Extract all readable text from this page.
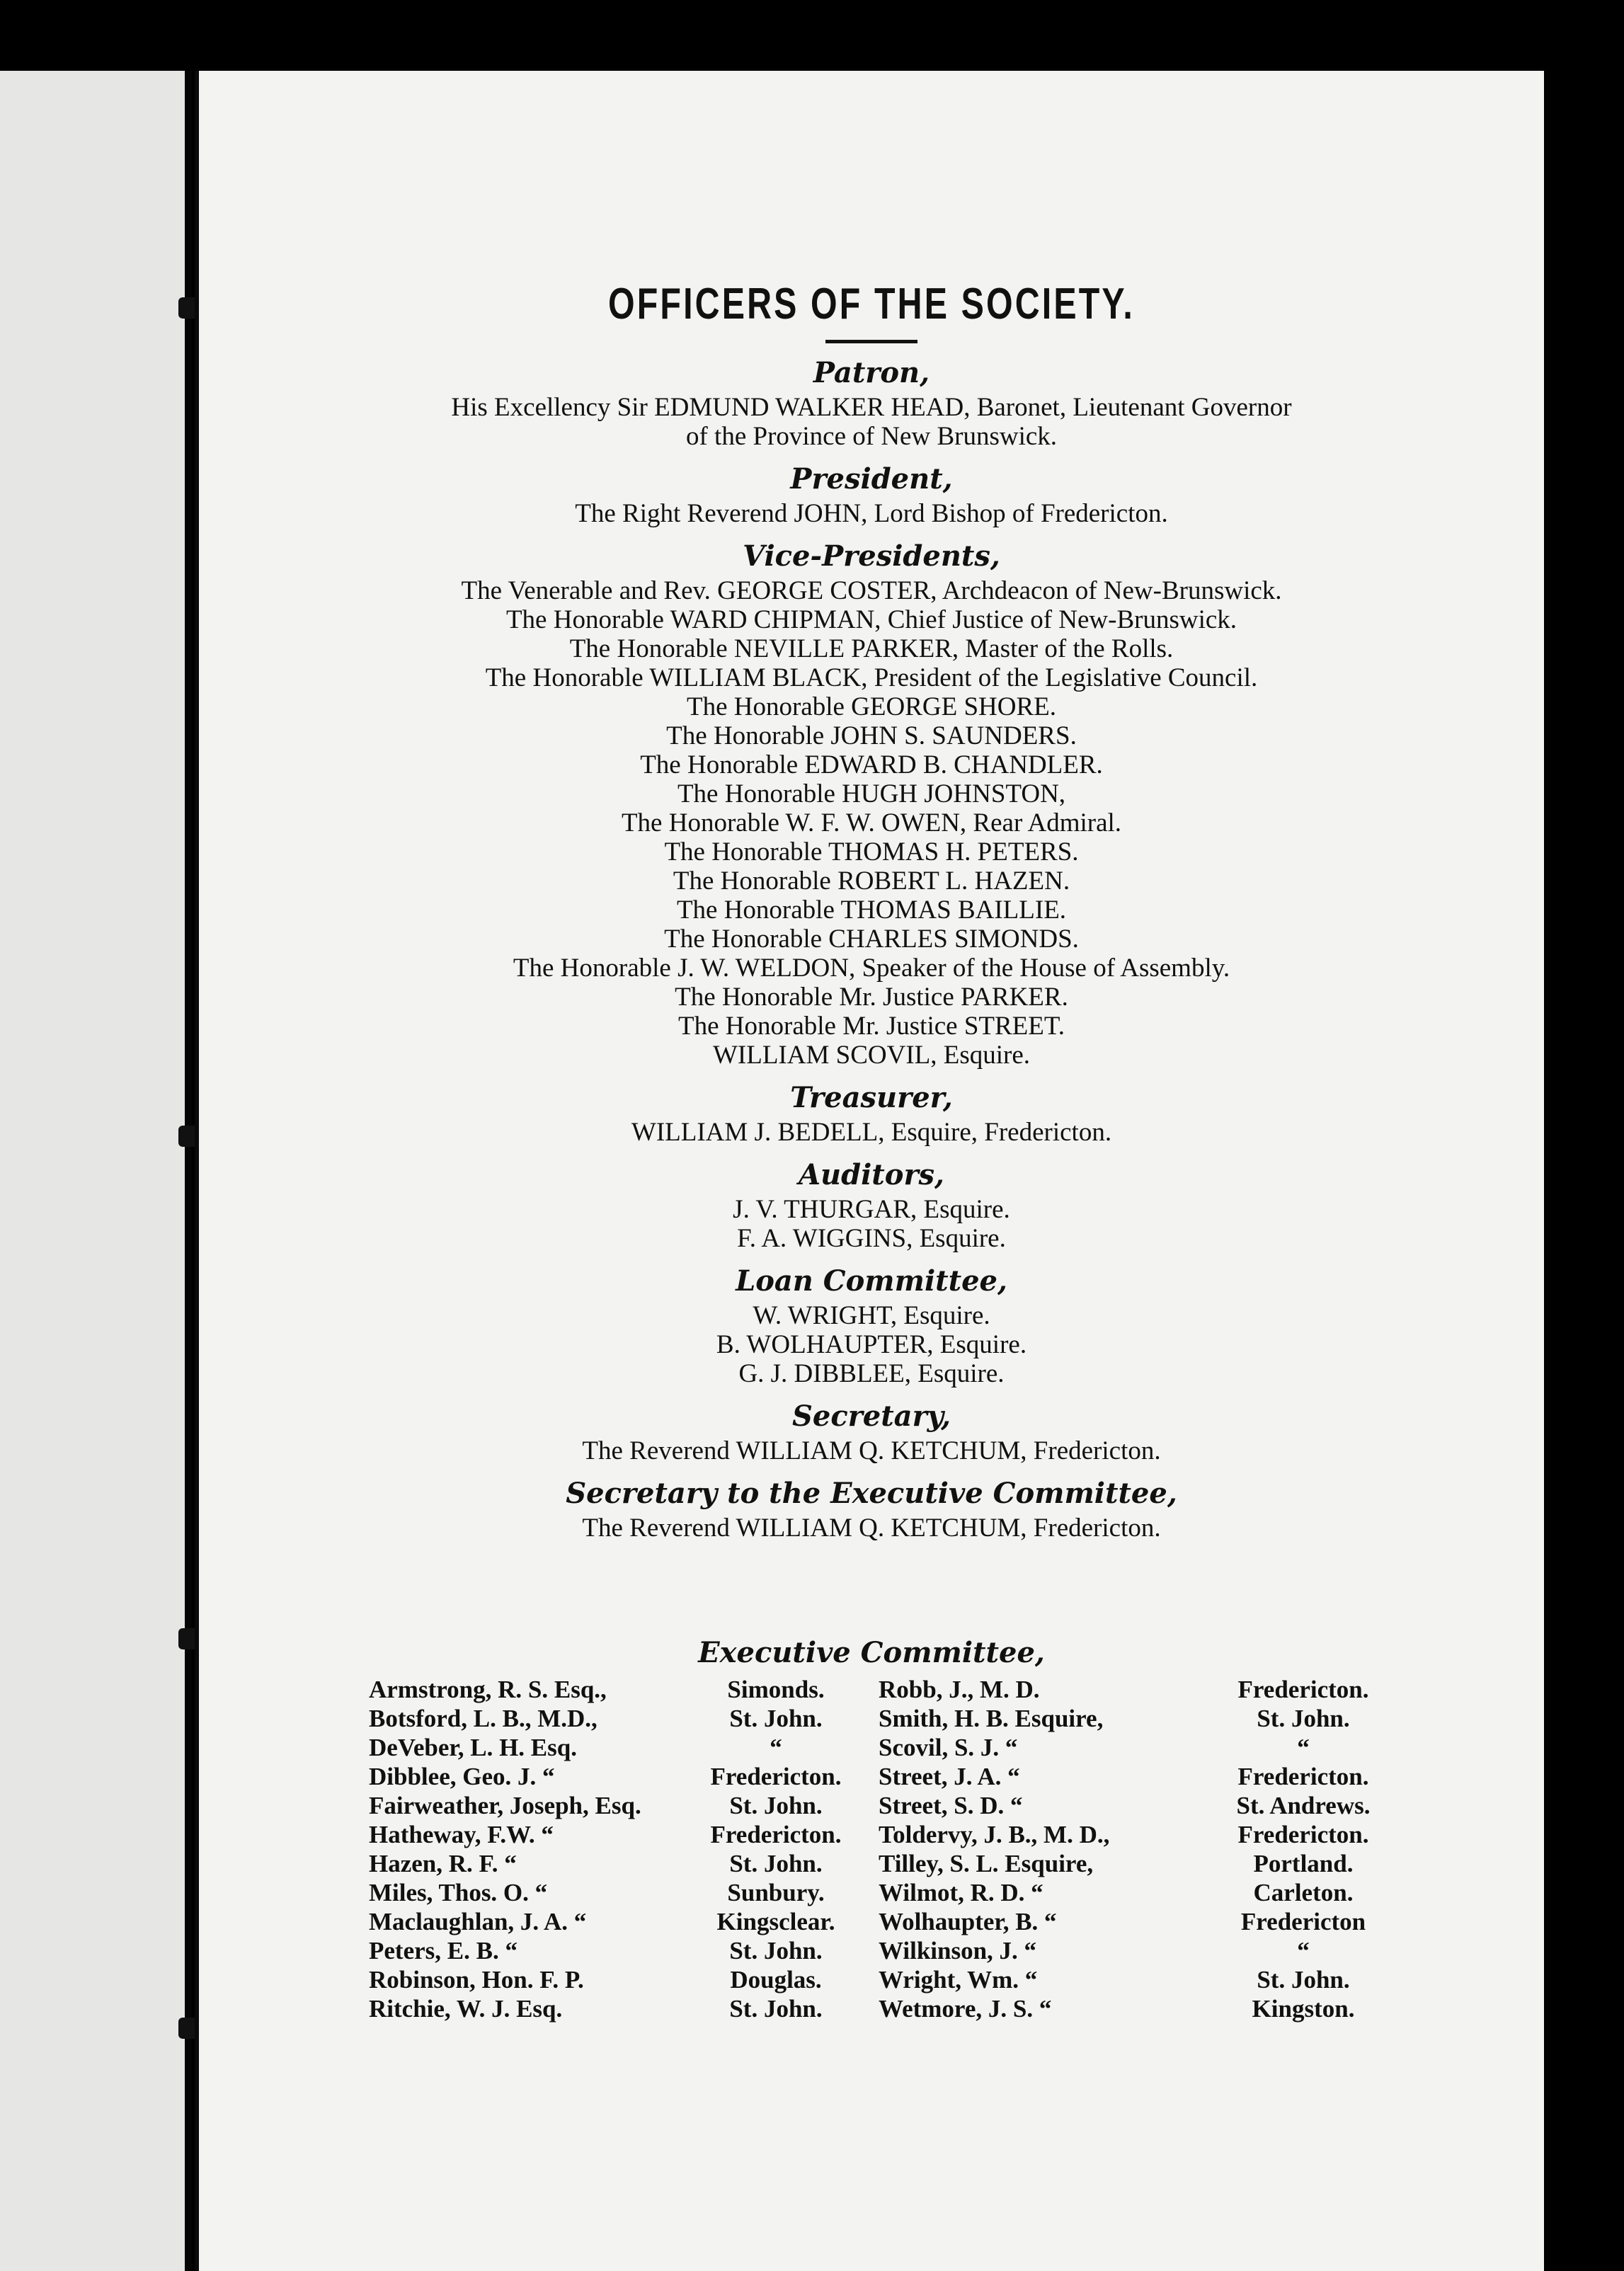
OFFICERS OF THE SOCIETY.
Patron,
His Excellency Sir EDMUND WALKER HEAD, Baronet, Lieutenant Governor
of the Province of New Brunswick.
President,
The Right Reverend JOHN, Lord Bishop of Fredericton.
Vice-Presidents,
The Venerable and Rev. GEORGE COSTER, Archdeacon of New-Brunswick.
The Honorable WARD CHIPMAN, Chief Justice of New-Brunswick.
The Honorable NEVILLE PARKER, Master of the Rolls.
The Honorable WILLIAM BLACK, President of the Legislative Council.
The Honorable GEORGE SHORE.
The Honorable JOHN S. SAUNDERS.
The Honorable EDWARD B. CHANDLER.
The Honorable HUGH JOHNSTON,
The Honorable W. F. W. OWEN, Rear Admiral.
The Honorable THOMAS H. PETERS.
The Honorable ROBERT L. HAZEN.
The Honorable THOMAS BAILLIE.
The Honorable CHARLES SIMONDS.
The Honorable J. W. WELDON, Speaker of the House of Assembly.
The Honorable Mr. Justice PARKER.
The Honorable Mr. Justice STREET.
WILLIAM SCOVIL, Esquire.
Treasurer,
WILLIAM J. BEDELL, Esquire, Fredericton.
Auditors,
J. V. THURGAR, Esquire.
F. A. WIGGINS, Esquire.
Loan Committee,
W. WRIGHT, Esquire.
B. WOLHAUPTER, Esquire.
G. J. DIBBLEE, Esquire.
Secretary,
The Reverend WILLIAM Q. KETCHUM, Fredericton.
Secretary to the Executive Committee,
The Reverend WILLIAM Q. KETCHUM, Fredericton.
Executive Committee,
Armstrong, R. S. Esq.,	Simonds.	Robb, J., M. D.	Fredericton.
Botsford, L. B., M.D.,	St. John.	Smith, H. B. Esquire,	St. John.
DeVeber, L. H. Esq.	“	Scovil, S. J. “	“
Dibblee, Geo. J. “	Fredericton.	Street, J. A. “	Fredericton.
Fairweather, Joseph, Esq.	St. John.	Street, S. D. “	St. Andrews.
Hatheway, F.W. “	Fredericton.	Toldervy, J. B., M. D.,	Fredericton.
Hazen, R. F. “	St. John.	Tilley, S. L. Esquire,	Portland.
Miles, Thos. O. “	Sunbury.	Wilmot, R. D. “	Carleton.
Maclaughlan, J. A. “	Kingsclear.	Wolhaupter, B. “	Fredericton
Peters, E. B. “	St. John.	Wilkinson, J. “	“
Robinson, Hon. F. P.	Douglas.	Wright, Wm. “	St. John.
Ritchie, W. J. Esq.	St. John.	Wetmore, J. S. “	Kingston.
